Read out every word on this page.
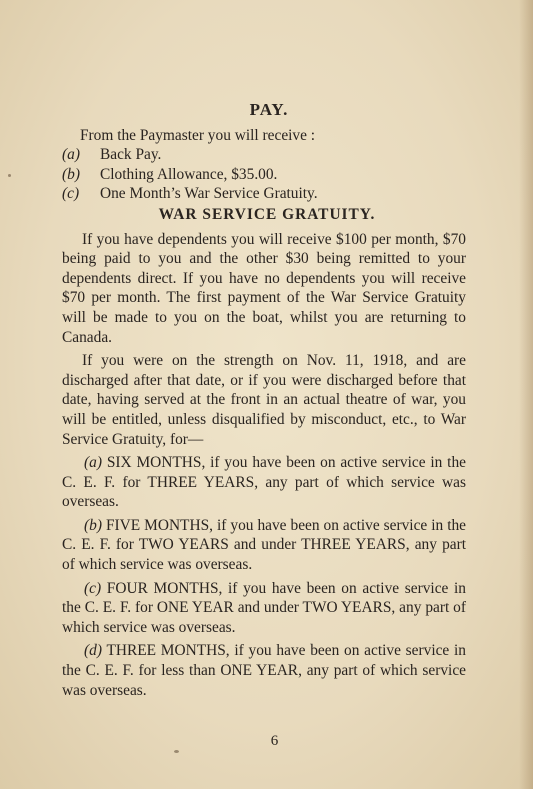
PAY.

From the Paymaster you will receive :

(a) Back Pay.

(b) Clothing Allowance, $35.00.

(c) One Month’s War Service Gratuity.

WAR SERVICE GRATUITY.

If you have dependents you will receive $100 per month, $70 being paid to you and the other $30 being remitted to your dependents direct. If you have no dependents you will receive $70 per month. The first payment of the War Service Gratuity will be made to you on the boat, whilst you are returning to Canada.

If you were on the strength on Nov. 11, 1918, and are discharged after that date, or if you were discharged before that date, having served at the front in an actual theatre of war, you will be entitled, unless disqualified by misconduct, etc., to War Service Gratuity, for—

(a) SIX MONTHS, if you have been on active service in the C. E. F. for THREE YEARS, any part of which service was overseas.

(b) FIVE MONTHS, if you have been on active service in the C. E. F. for TWO YEARS and under THREE YEARS, any part of which service was overseas.

(c) FOUR MONTHS, if you have been on active service in the C. E. F. for ONE YEAR and under TWO YEARS, any part of which service was overseas.

(d) THREE MONTHS, if you have been on active service in the C. E. F. for less than ONE YEAR, any part of which service was overseas.

6
